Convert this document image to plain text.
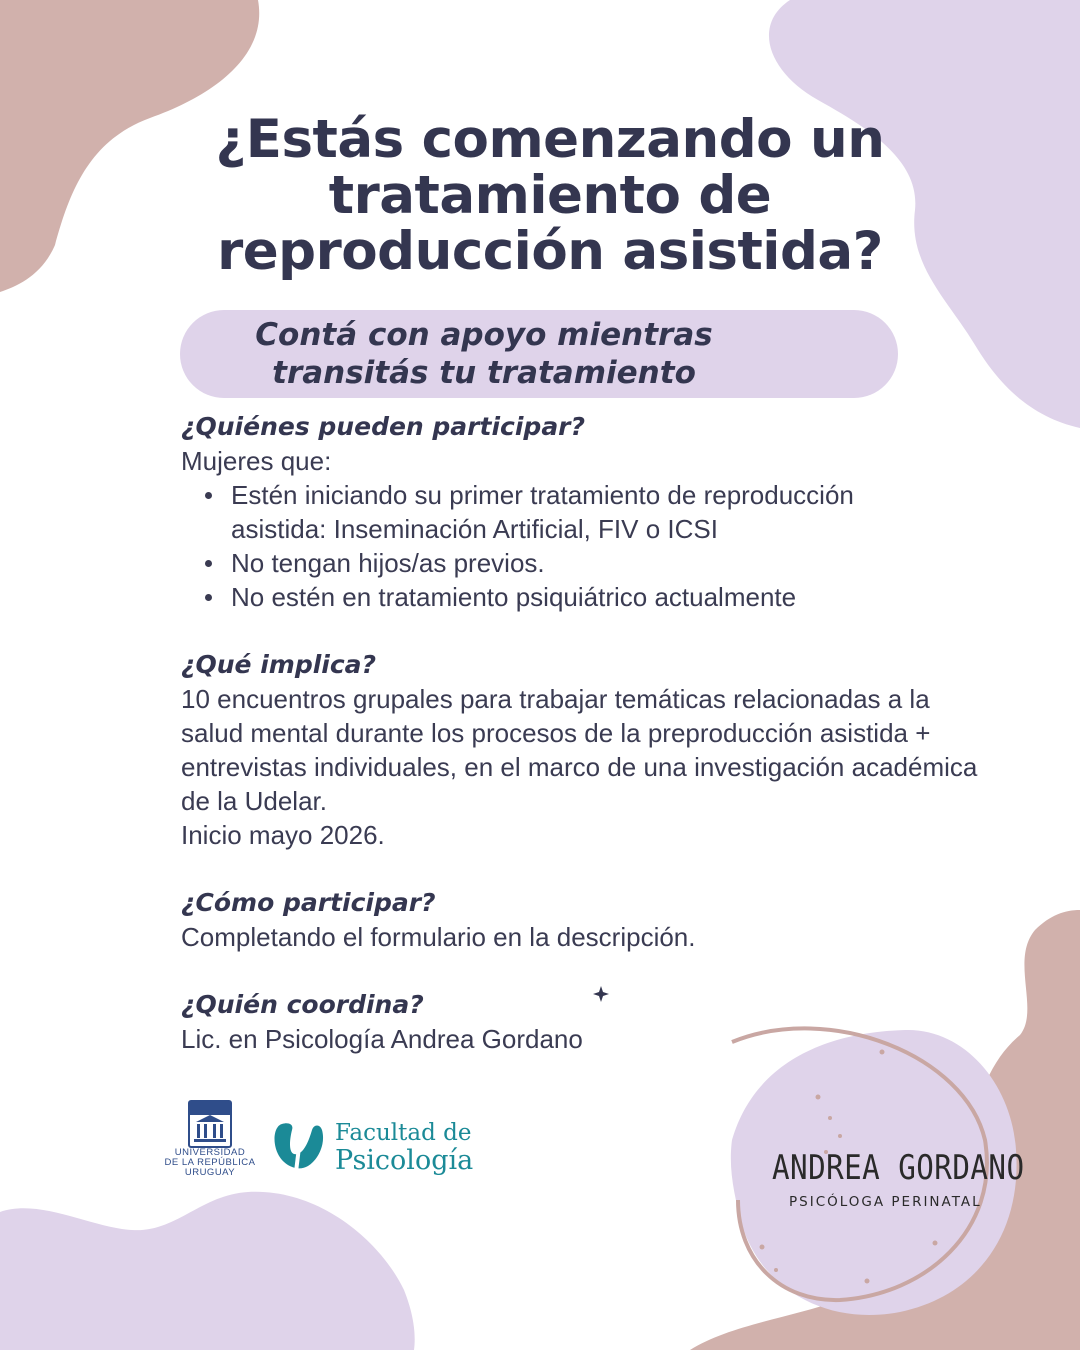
¿Estás comenzando un
tratamiento de
reproducción asistida?
Contá con apoyo mientras
transitás tu tratamiento
¿Quiénes pueden participar?

Mujeres que:

Estén iniciando su primer tratamiento de reproducción asistida: Inseminación Artificial, FIV o ICSI
No tengan hijos/as previos.
No estén en tratamiento psiquiátrico actualmente
¿Qué implica?

10 encuentros grupales para trabajar temáticas relacionadas a la salud mental durante los procesos de la preproducción asistida + entrevistas individuales, en el marco de una investigación académica de la Udelar.

Inicio mayo 2026.

¿Cómo participar?

Completando el formulario en la descripción.

¿Quién coordina?

Lic. en Psicología Andrea Gordano

UNIVERSIDAD
DE LA REPÚBLICA
URUGUAY
Facultad de
Psicología	ANDREA GORDANO
PSICÓLOGA PERINATAL
